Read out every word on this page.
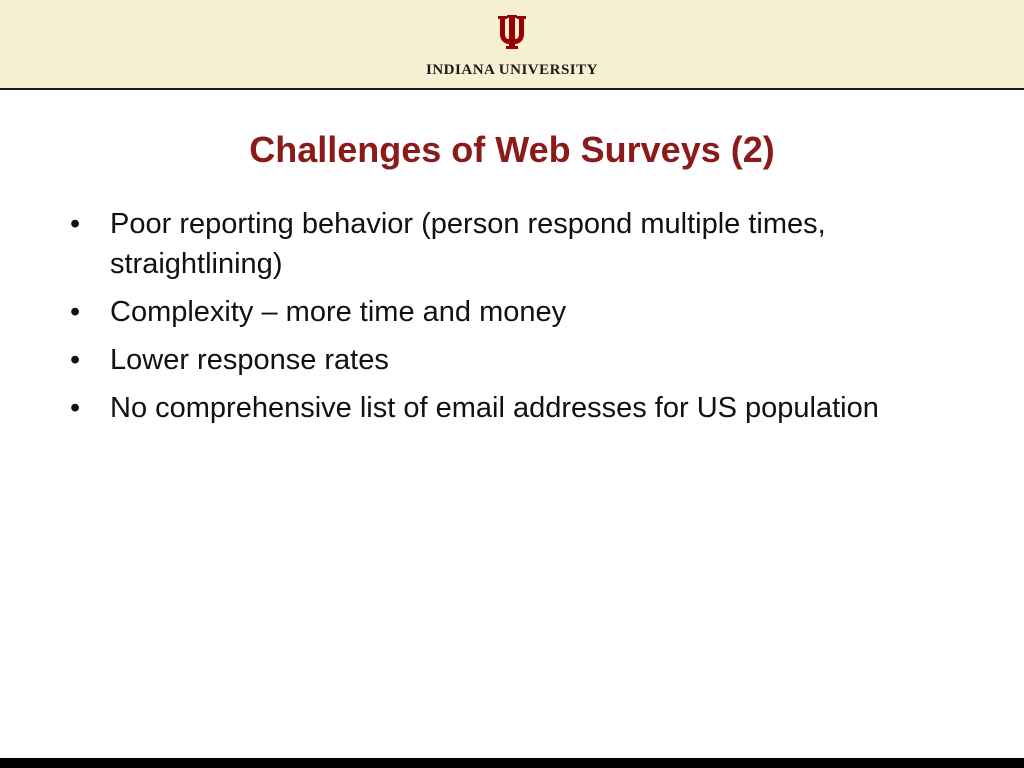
INDIANA UNIVERSITY
Challenges of Web Surveys (2)
•	Poor reporting behavior (person respond multiple times, straightlining)
•	Complexity – more time and money
•	Lower response rates
•	No comprehensive list of email addresses for US population
